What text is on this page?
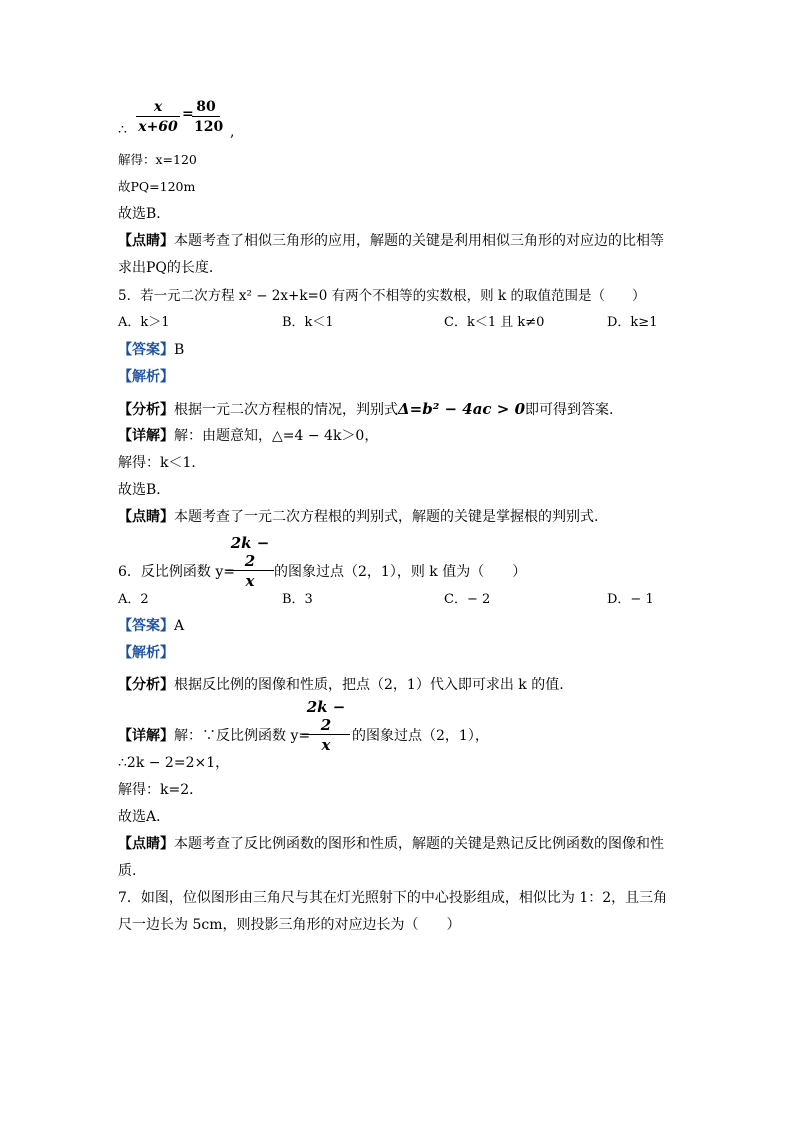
∴
x
x+60
= 80
120 ,
解得：x=120
故PQ=120m
故选B．
【点睛】本题考查了相似三角形的应用，解题的关键是利用相似三角形的对应边的比相等
求出PQ的长度．
5．若一元二次方程 x² − 2x+k=0 有两个不相等的实数根，则 k 的取值范围是（　　）
A．k＞1	B．k＜1	C．k＜1 且 k≠0	D．k≥1
【答案】B
【解析】
【分析】根据一元二次方程根的情况，判别式Δ=b² − 4ac > 0即可得到答案.
【详解】解：由题意知，△=4 − 4k＞0，
解得：k＜1．
故选B．
【点睛】本题考查了一元二次方程根的判别式，解题的关键是掌握根的判别式.
6．反比例函数 y=
2k − 2
x	的图象过点（2，1），则 k 值为（　　）
A．2	B．3	C．− 2	D．− 1
【答案】A
【解析】
【分析】根据反比例的图像和性质，把点（2，1）代入即可求出 k 的值.
【详解】解：∵反比例函数 y=
2k − 2
x	的图象过点（2，1），
∴2k − 2=2×1，
解得：k=2．
故选A．
【点睛】本题考查了反比例函数的图形和性质，解题的关键是熟记反比例函数的图像和性
质.
7．如图，位似图形由三角尺与其在灯光照射下的中心投影组成，相似比为 1：2，且三角
尺一边长为 5cm，则投影三角形的对应边长为（　　）
